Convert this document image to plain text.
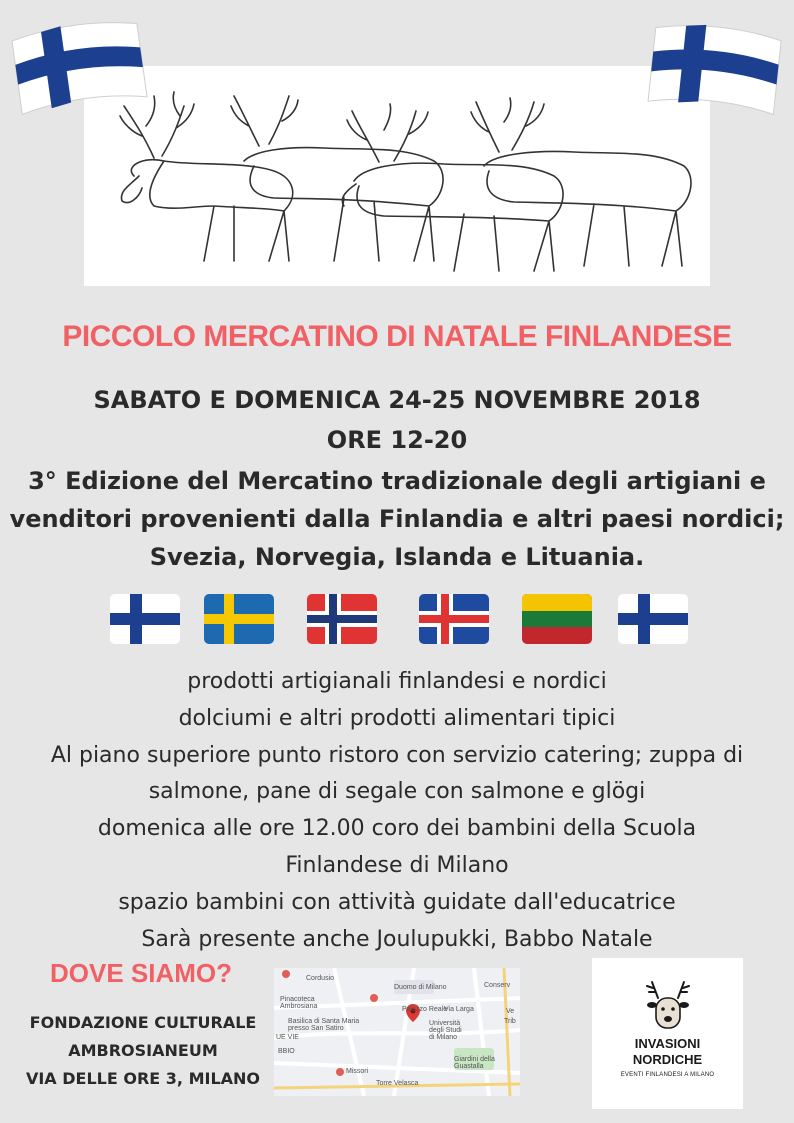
PICCOLO MERCATINO DI NATALE FINLANDESE
SABATO E DOMENICA 24-25 NOVEMBRE 2018
ORE 12-20
3° Edizione del Mercatino tradizionale degli artigiani e
venditori provenienti dalla Finlandia e altri paesi nordici;
Svezia, Norvegia, Islanda e Lituania.
prodotti artigianali finlandesi e nordici
dolciumi e altri prodotti alimentari tipici
Al piano superiore punto ristoro con servizio catering; zuppa di
salmone, pane di segale con salmone e glögi
domenica alle ore 12.00 coro dei bambini della Scuola
Finlandese di Milano
spazio bambini con attività guidate dall'educatrice
Sarà presente anche Joulupukki, Babbo Natale
DOVE SIAMO?
FONDAZIONE CULTURALE
AMBROSIANEUM
VIA DELLE ORE 3, MILANO
Cordusio
Duomo di Milano
Pinacoteca
Ambrosiana
Basilica di Santa Maria
presso San Satiro
Palazzo Reale
Università
degli Studi
di Milano
Missori
Torre Velasca
Giardini della
Guastalla
Conserv
BBIO
UE VIE
Ve
Trib
Via Larga
INVASIONI
NORDICHE
EVENTI FINLANDESI A MILANO
